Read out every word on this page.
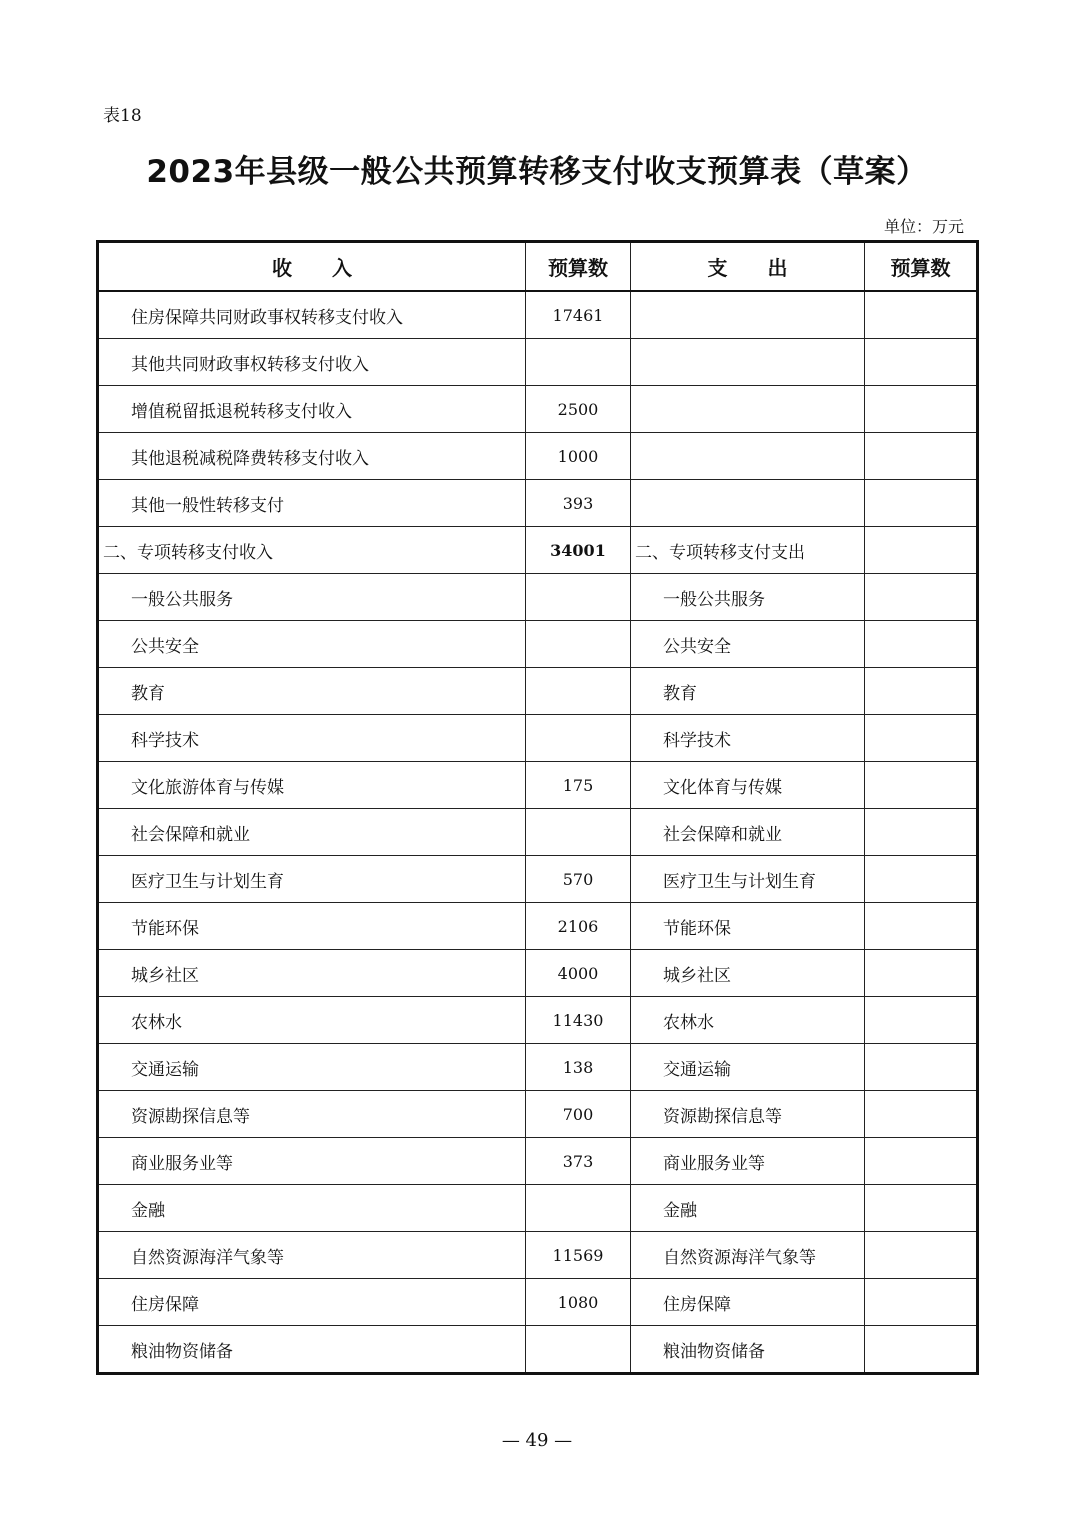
表18
2023年县级一般公共预算转移支付收支预算表（草案）
单位：万元
收　　入	预算数	支　　出	预算数
住房保障共同财政事权转移支付收入	17461		
其他共同财政事权转移支付收入			
增值税留抵退税转移支付收入	2500		
其他退税减税降费转移支付收入	1000		
其他一般性转移支付	393		
二、专项转移支付收入	34001	二、专项转移支付支出	
一般公共服务		一般公共服务	
公共安全		公共安全	
教育		教育	
科学技术		科学技术	
文化旅游体育与传媒	175	文化体育与传媒	
社会保障和就业		社会保障和就业	
医疗卫生与计划生育	570	医疗卫生与计划生育	
节能环保	2106	节能环保	
城乡社区	4000	城乡社区	
农林水	11430	农林水	
交通运输	138	交通运输	
资源勘探信息等	700	资源勘探信息等	
商业服务业等	373	商业服务业等	
金融		金融	
自然资源海洋气象等	11569	自然资源海洋气象等	
住房保障	1080	住房保障	
粮油物资储备		粮油物资储备	
— 49 —
